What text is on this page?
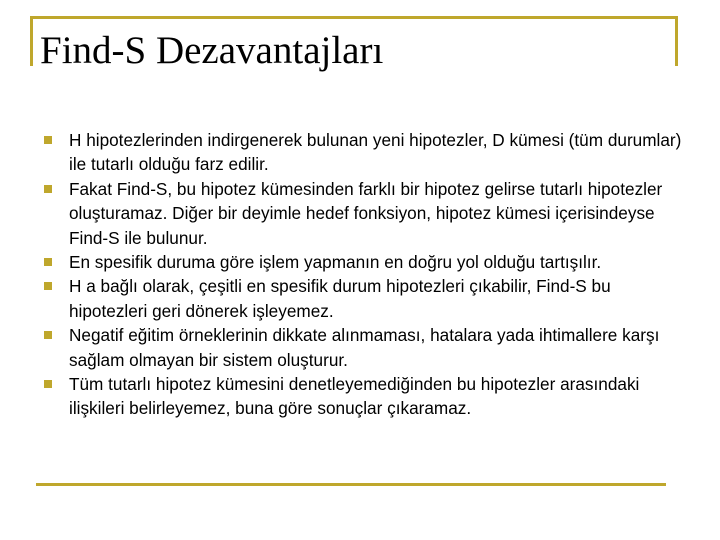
Find-S Dezavantajları
H hipotezlerinden indirgenerek bulunan yeni hipotezler, D kümesi (tüm durumlar) ile tutarlı olduğu farz edilir.
Fakat Find-S, bu hipotez kümesinden farklı bir hipotez gelirse tutarlı hipotezler oluşturamaz. Diğer bir deyimle hedef fonksiyon, hipotez kümesi içerisindeyse Find-S ile bulunur.
En spesifik duruma göre işlem yapmanın en doğru yol olduğu tartışılır.
H a bağlı olarak, çeşitli en spesifik durum hipotezleri çıkabilir, Find-S bu hipotezleri geri dönerek işleyemez.
Negatif eğitim örneklerinin dikkate alınmaması, hatalara yada ihtimallere karşı sağlam olmayan bir sistem oluşturur.
Tüm tutarlı hipotez kümesini denetleyemediğinden bu hipotezler arasındaki ilişkileri belirleyemez, buna göre sonuçlar çıkaramaz.
